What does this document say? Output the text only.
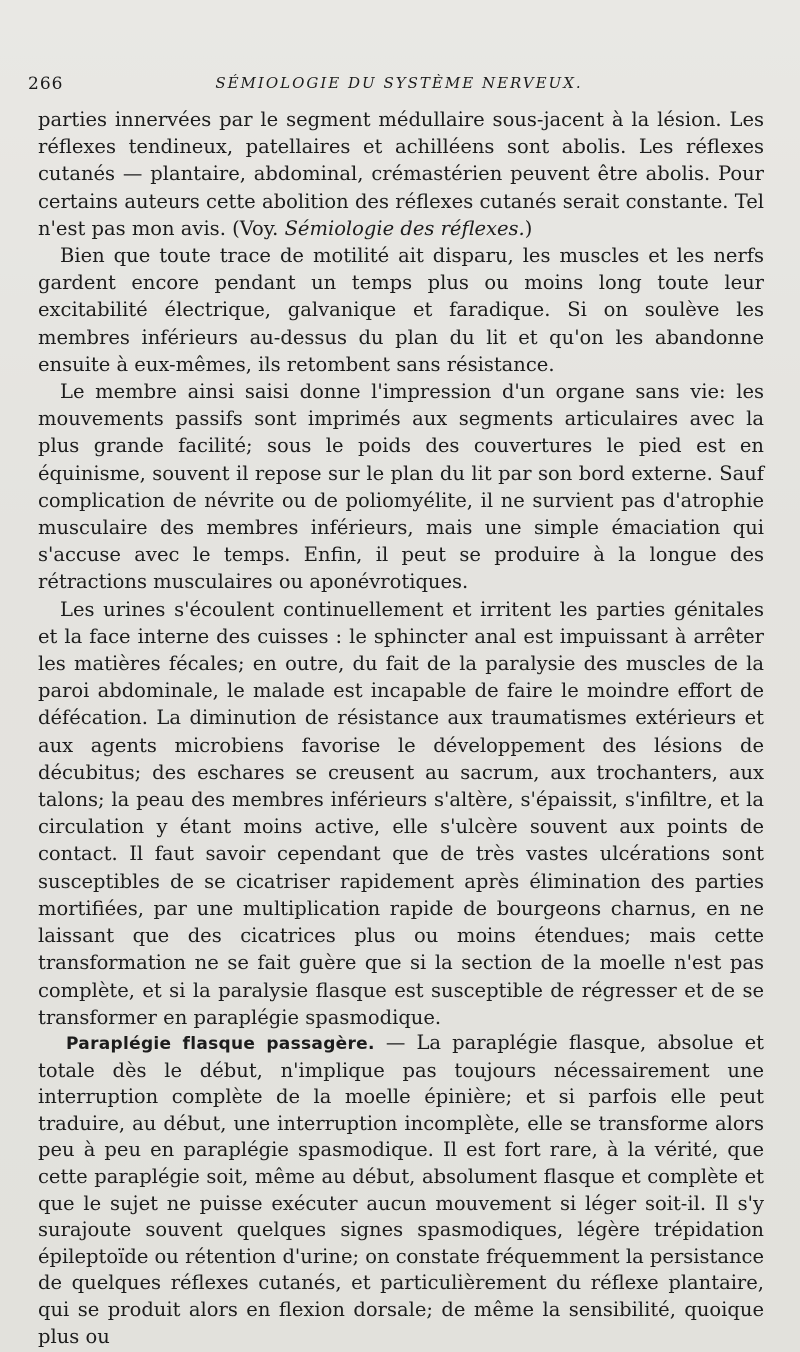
266	SÉMIOLOGIE DU SYSTÈME NERVEUX.

parties innervées par le segment médullaire sous-jacent à la lésion. Les réflexes tendineux, patellaires et achilléens sont abolis. Les réflexes cutanés — plantaire, abdominal, crémastérien peuvent être abolis. Pour certains auteurs cette abolition des réflexes cutanés serait constante. Tel n'est pas mon avis. (Voy. Sémiologie des réflexes.)

Bien que toute trace de motilité ait disparu, les muscles et les nerfs gardent encore pendant un temps plus ou moins long toute leur excitabilité électrique, galvanique et faradique. Si on soulève les membres inférieurs au-dessus du plan du lit et qu'on les abandonne ensuite à eux-mêmes, ils retombent sans résistance.

Le membre ainsi saisi donne l'impression d'un organe sans vie: les mouvements passifs sont imprimés aux segments articulaires avec la plus grande facilité; sous le poids des couvertures le pied est en équinisme, souvent il repose sur le plan du lit par son bord externe. Sauf complication de névrite ou de poliomyélite, il ne survient pas d'atrophie musculaire des membres inférieurs, mais une simple émaciation qui s'accuse avec le temps. Enfin, il peut se produire à la longue des rétractions musculaires ou aponévrotiques.

Les urines s'écoulent continuellement et irritent les parties génitales et la face interne des cuisses : le sphincter anal est impuissant à arrêter les matières fécales; en outre, du fait de la paralysie des muscles de la paroi abdominale, le malade est incapable de faire le moindre effort de défécation. La diminution de résistance aux traumatismes extérieurs et aux agents microbiens favorise le développement des lésions de décubitus; des eschares se creusent au sacrum, aux trochanters, aux talons; la peau des membres inférieurs s'altère, s'épaissit, s'infiltre, et la circulation y étant moins active, elle s'ulcère souvent aux points de contact. Il faut savoir cependant que de très vastes ulcérations sont susceptibles de se cicatriser rapidement après élimination des parties mortifiées, par une multiplication rapide de bourgeons charnus, en ne laissant que des cicatrices plus ou moins étendues; mais cette transformation ne se fait guère que si la section de la moelle n'est pas complète, et si la paralysie flasque est susceptible de régresser et de se transformer en paraplégie spasmodique.

Paraplégie flasque passagère. — La paraplégie flasque, absolue et totale dès le début, n'implique pas toujours nécessairement une interruption complète de la moelle épinière; et si parfois elle peut traduire, au début, une interruption incomplète, elle se transforme alors peu à peu en paraplégie spasmodique. Il est fort rare, à la vérité, que cette paraplégie soit, même au début, absolument flasque et complète et que le sujet ne puisse exécuter aucun mouvement si léger soit-il. Il s'y surajoute souvent quelques signes spasmodiques, légère trépidation épileptoïde ou rétention d'urine; on constate fréquemment la persistance de quelques réflexes cutanés, et particulièrement du réflexe plantaire, qui se produit alors en flexion dorsale; de même la sensibilité, quoique plus ou
